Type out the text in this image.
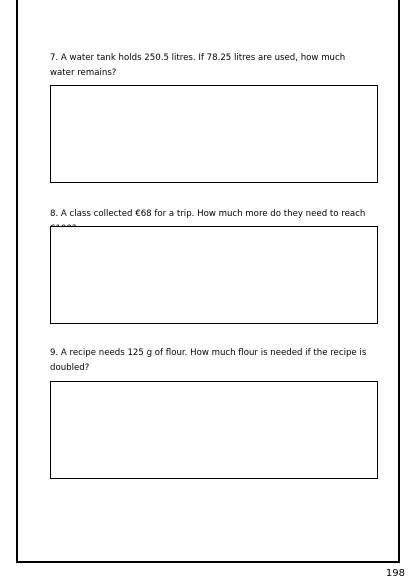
7. A water tank holds 250.5 litres. If 78.25 litres are used, how much water remains?

8. A class collected €68 for a trip. How much more do they need to reach

9. A recipe needs 125 g of flour. How much flour is needed if the recipe is doubled?

198
